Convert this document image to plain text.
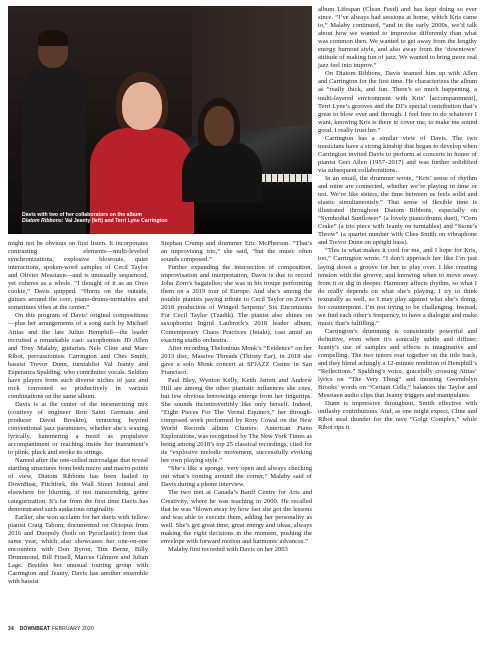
Davis with two of her collaborators on the album
Diatom Ribbons: Val Jeanty (left) and Terri Lyne Carrington

might not be obvious on first listen. It incorporates contrasting elements—multi-leveled synchronizations, explosive blowouts, quiet interactions, spoken-word samples of Cecil Taylor and Olivier Messiaen—and is unusually sequenced, yet coheres as a whole. “I thought of it as an Oreo cookie,” Davis quipped. “Horns on the outside, guitars around the core, piano-drums-turntables and sometimes vibes at the center.”

On this program of Davis’ original compositions—plus her arrangements of a song each by Michaël Attias and the late Julius Hemphill—the leader recruited a remarkable cast: saxophonists JD Allen and Tony Malaby, guitarists Nels Cline and Marc Ribot, percussionists Carrington and Ches Smith, bassist Trevor Dunn, turntablist Val Jeanty and Esperanza Spalding, who contributes vocals. Seldom have players from such diverse niches of jazz and rock convened so productively in various combinations on the same album.

Davis is at the center of the mesmerizing mix (courtesy of engineer Ron Saint Germain and producer David Breskin), venturing beyond conventional jazz parameters, whether she’s waxing lyrically, hammering a motif as propulsive accompaniment or reaching inside her instrument’s to plink, pluck and stroke its strings.

Named after the one-celled microalgae that reveal startling structures from both micro and macro points of view, Diatom Ribbons has been hailed in DownBeat, Pitchfork, the Wall Street Journal and elsewhere for blurring, if not transcending, genre categorization. It’s far from the first time Davis has demonstrated such audacious originality.

Earlier, she won acclaim for her duets with fellow pianist Craig Taborn, documented on Octopus from 2016 and Duopoly (both on Pyroclastic) from that same year, which also showcases her one-on-one encounters with Don Byron, Tim Berne, Billy Drummond, Bill Frisell, Marcus Gilmore and Julian Lage. Besides her unusual touring group with Carrington and Jeanty, Davis has another ensemble with bassist

Stephan Crump and drummer Eric McPherson. “That’s an improvising trio,” she said, “but the music often sounds composed.”

Further expanding the intersection of composition, improvisation and interpretation, Davis is due to record John Zorn’s bagatelles; she was in his troupe performing them on a 2019 tour of Europe. And she’s among the notable pianists paying tribute to Cecil Taylor on Zorn’s 2018 production of Winged Serpents’ Six Encomiums For Cecil Taylor (Tzadik). The pianist also shines on saxophonist Ingrid Laubrock’s 2018 leader album, Contemporary Chaos Practices (Intakt), cast amid an exacting studio orchestra.

After recording Thelonious Monk’s “Evidence” on her 2013 disc, Massive Threads (Thirsty Ear), in 2018 she gave a solo Monk concert at SFJAZZ Center in San Francisco.

Paul Bley, Wynton Kelly, Keith Jarrett and Andrew Hill are among the other pianistic influences she cites, but few obvious borrowings emerge from her fingertips. She sounds incontrovertibly like only herself. Indeed, “Eight Pieces For The Vernal Equinox,” her through-composed work performed by Rory Cowal on the New World Records album Clusters: American Piano Explorations, was recognized by The New York Times as being among 2018’s top 25 classical recordings, cited for its “explosive melodic movement, successfully evoking her own playing style.”

“She’s like a sponge, very open and always checking out what’s coming around the corner,” Malaby said of Davis during a phone interview.

The two met at Canada’s Banff Centre for Arts and Creativity, where he was teaching in 2000. He recalled that he was “blown away by how fast she got the lessons and was able to execute them, adding her personality as well. She’s got great time, great energy and ideas, always making the right decisions in the moment, pushing the envelope with forward motion and harmonic advances.”

Malaby first recorded with Davis on her 2003

album Lifespan (Clean Feed) and has kept doing so ever since. “I’ve always had sessions at home, which Kris came to,” Malaby continued, “and in the early 2000s, we’d talk about how we wanted to improvise differently than what was common then. We wanted to get away from the lengthy energy burnout style, and also away from the ‘downtown’ attitude of making fun of jazz. We wanted to bring more real jazz feel into improv.”

On Diatom Ribbons, Davis teamed him up with Allen and Carrington for the first time. He characterizes the album as “really thick, and fun. There’s so much happening, a multi-layered environment with Kris’ [accompaniment], Terri Lyne’s grooves and the DJ’s special contribution that’s great to blow over and through. I feel free to do whatever I want, knowing Kris is there to cover me, to make me sound good. I really trust her.”

Carrington has a similar view of Davis. The two musicians have a strong kinship that began to develop when Carrington invited Davis to perform at concerts in honor of pianist Geri Allen (1957–2017) and was further solidified via subsequent collaborations.

In an email, the drummer wrote, “Kris’ sense of rhythm and mine are connected, whether we’re playing in time or not. We’re like sisters, the time between us feels solid and elastic simultaneously.” That sense of flexible time is illustrated throughout Diatom Ribbons, especially on “Symbodial Sunflower” (a lovely piano/drums duet), “Corn Crake” (a trio piece with Jeanty on turntables) and “Stone’s Throw” (a quartet number with Ches Smith on vibraphone and Trevor Dunn on upright bass).

“This is what makes it cool for me, and I hope for Kris, too,” Carrington wrote. “I don’t approach her like I’m just laying down a groove for her to play over. I like creating tension with the groove, and knowing when to move away from it or dig in deeper. Harmony affects rhythm, so what I do really depends on what she’s playing. I try to think texturally as well, so I may play against what she’s doing, for counterpoint. I’m not trying to be challenging. Instead, we find each other’s frequency, to have a dialogue and make music that’s fulfilling.”

Carrington’s drumming is consistently powerful and definitive, even when it’s sonically subtle and diffuse; Jeanty’s use of samples and effects is imaginative and compelling. The two tenors roar together on the title track, and they blend achingly a 12-minute rendition of Hemphill’s “Reflections.” Spalding’s voice, gracefully crossing Attias’ lyrics on “The Very Thing” and intoning Gwendolyn Brooks’ words on “Certain Cells,” balances the Taylor and Messiaen audio clips that Jeanty triggers and manipulates.

Dunn is impressive throughout, Smith effective with unflashy contributions. And, as one might expect, Cline and Ribot steal thunder for the rave “Golgi Complex,” while Ribot rips it

34 DOWNBEAT FEBRUARY 2020
